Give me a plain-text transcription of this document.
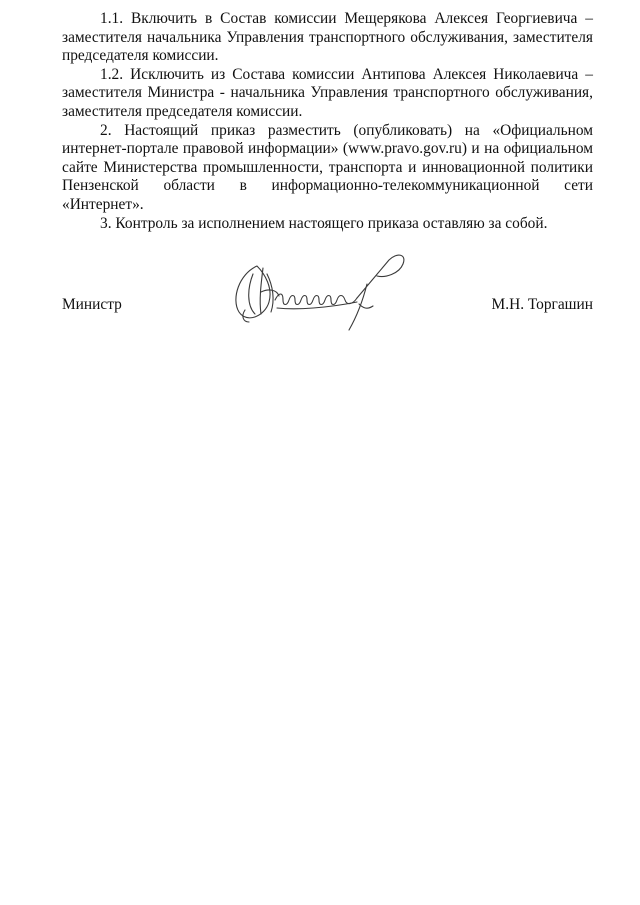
1.1. Включить в Состав комиссии Мещерякова Алексея Георгиевича – заместителя начальника Управления транспортного обслуживания, заместителя председателя комиссии.

1.2. Исключить из Состава комиссии Антипова Алексея Николаевича – заместителя Министра - начальника Управления транспортного обслуживания, заместителя председателя комиссии.

2. Настоящий приказ разместить (опубликовать) на «Официальном интернет-портале правовой информации» (www.pravo.gov.ru) и на официальном сайте Министерства промышленности, транспорта и инновационной политики Пензенской области в информационно-телекоммуникационной сети «Интернет».

3. Контроль за исполнением настоящего приказа оставляю за собой.

Министр	М.Н. Торгашин
